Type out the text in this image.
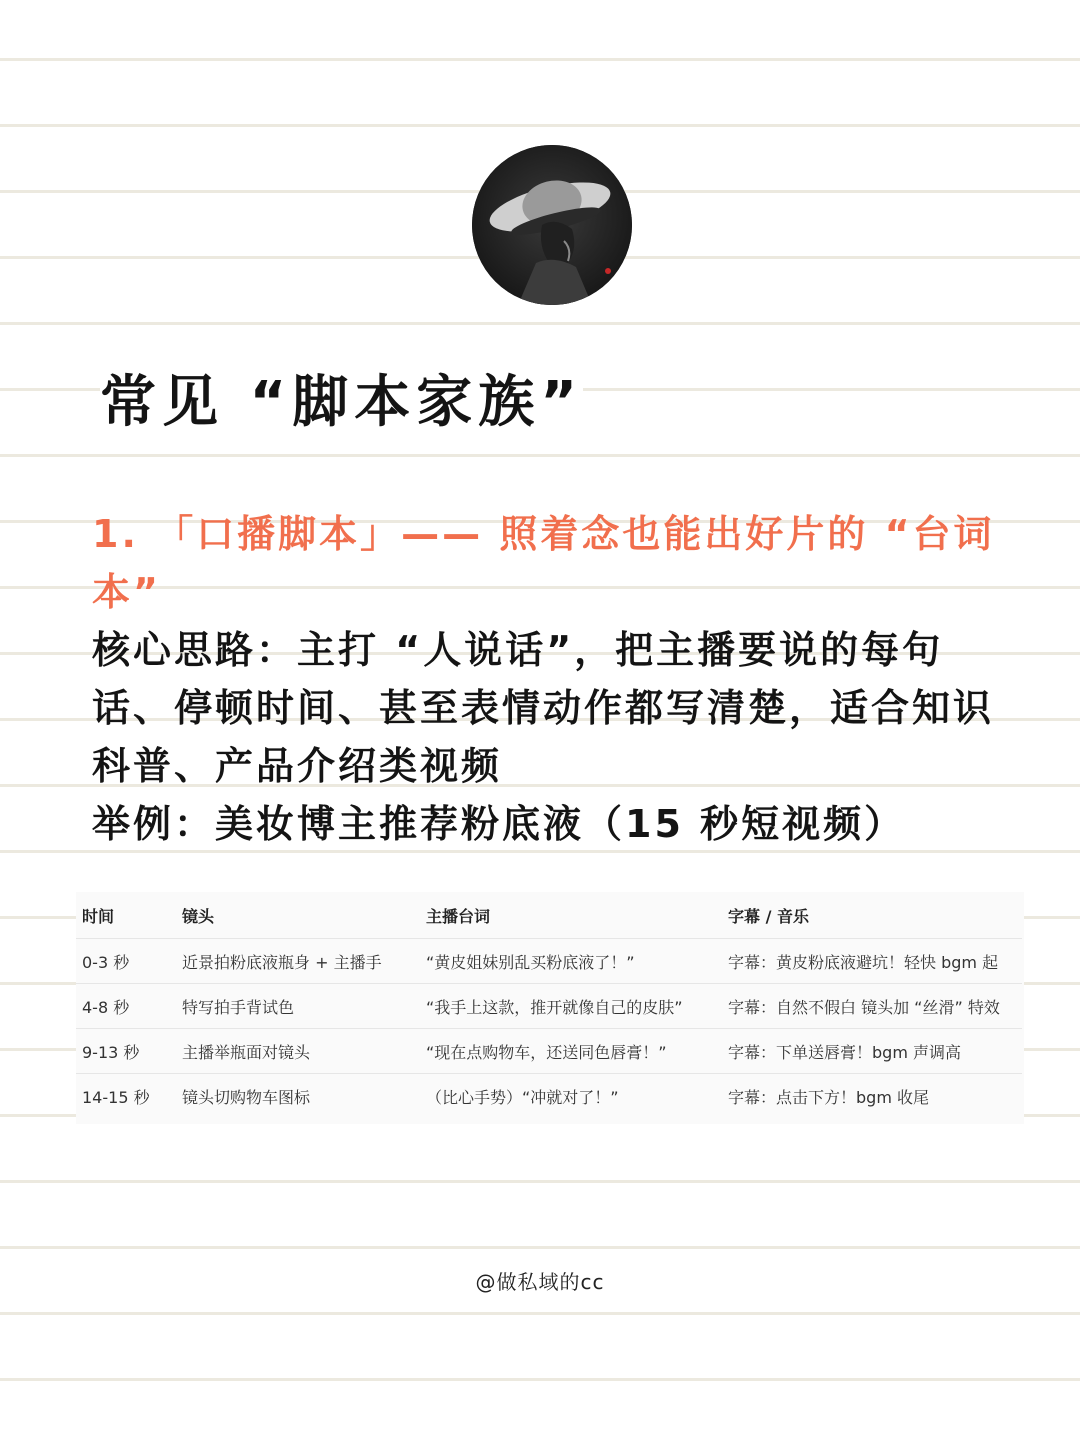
常见 “脚本家族”

1. 「口播脚本」—— 照着念也能出好片的 “台词本”

核心思路：主打 “人说话”，把主播要说的每句话、停顿时间、甚至表情动作都写清楚，适合知识科普、产品介绍类视频

举例：美妆博主推荐粉底液（15 秒短视频）

时间	镜头	主播台词	字幕 / 音乐
0-3 秒	近景拍粉底液瓶身 + 主播手	“黄皮姐妹别乱买粉底液了！”	字幕：黄皮粉底液避坑！轻快 bgm 起
4-8 秒	特写拍手背试色	“我手上这款，推开就像自己的皮肤”	字幕：自然不假白 镜头加 “丝滑” 特效
9-13 秒	主播举瓶面对镜头	“现在点购物车，还送同色唇膏！”	字幕：下单送唇膏！bgm 声调高
14-15 秒	镜头切购物车图标	（比心手势）“冲就对了！”	字幕：点击下方！bgm 收尾
@做私域的cc
